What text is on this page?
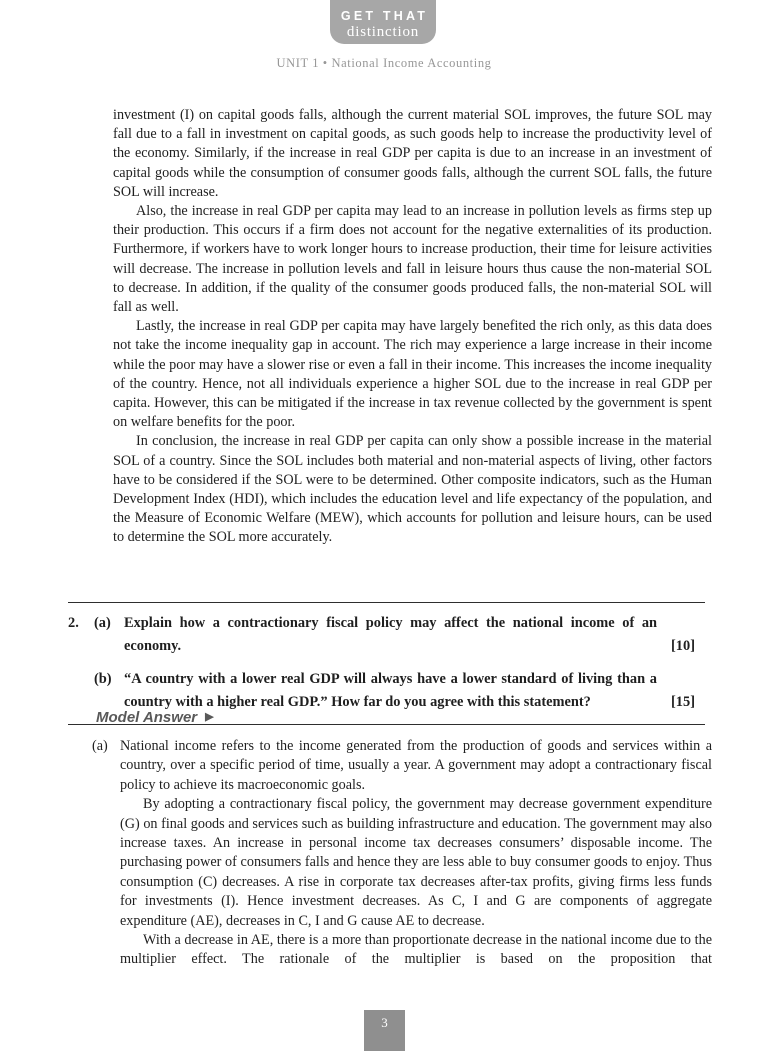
GET THAT
distinction
UNIT 1 • National Income Accounting

investment (I) on capital goods falls, although the current material SOL improves, the future SOL may fall due to a fall in investment on capital goods, as such goods help to increase the productivity level of the economy. Similarly, if the increase in real GDP per capita is due to an increase in an investment of capital goods while the consumption of consumer goods falls, although the current SOL falls, the future SOL will increase.

Also, the increase in real GDP per capita may lead to an increase in pollution levels as firms step up their production. This occurs if a firm does not account for the negative externalities of its production. Furthermore, if workers have to work longer hours to increase production, their time for leisure activities will decrease. The increase in pollution levels and fall in leisure hours thus cause the non-material SOL to decrease. In addition, if the quality of the consumer goods produced falls, the non-material SOL will fall as well.

Lastly, the increase in real GDP per capita may have largely benefited the rich only, as this data does not take the income inequality gap in account. The rich may experience a large increase in their income while the poor may have a slower rise or even a fall in their income. This increases the income inequality of the country. Hence, not all individuals experience a higher SOL due to the increase in real GDP per capita. However, this can be mitigated if the increase in tax revenue collected by the government is spent on welfare benefits for the poor.

In conclusion, the increase in real GDP per capita can only show a possible increase in the material SOL of a country. Since the SOL includes both material and non-material aspects of living, other factors have to be considered if the SOL were to be determined. Other composite indicators, such as the Human Development Index (HDI), which includes the education level and life expectancy of the population, and the Measure of Economic Welfare (MEW), which accounts for pollution and leisure hours, can be used to determine the SOL more accurately.

2.	(a) Explain how a contractionary fiscal policy may affect the national income of an economy.	[10]
(b) “A country with a lower real GDP will always have a lower standard of living than a country with a higher real GDP.” How far do you agree with this statement?	[15]
Model Answer ▶
(a) National income refers to the income generated from the production of goods and services within a country, over a specific period of time, usually a year. A government may adopt a contractionary fiscal policy to achieve its macroeconomic goals.

By adopting a contractionary fiscal policy, the government may decrease government expenditure (G) on final goods and services such as building infrastructure and education. The government may also increase taxes. An increase in personal income tax decreases consumers’ disposable income. The purchasing power of consumers falls and hence they are less able to buy consumer goods to enjoy. Thus consumption (C) decreases. A rise in corporate tax decreases after-tax profits, giving firms less funds for investments (I). Hence investment decreases. As C, I and G are components of aggregate expenditure (AE), decreases in C, I and G cause AE to decrease.

With a decrease in AE, there is a more than proportionate decrease in the national income due to the multiplier effect. The rationale of the multiplier is based on the proposition that

3
